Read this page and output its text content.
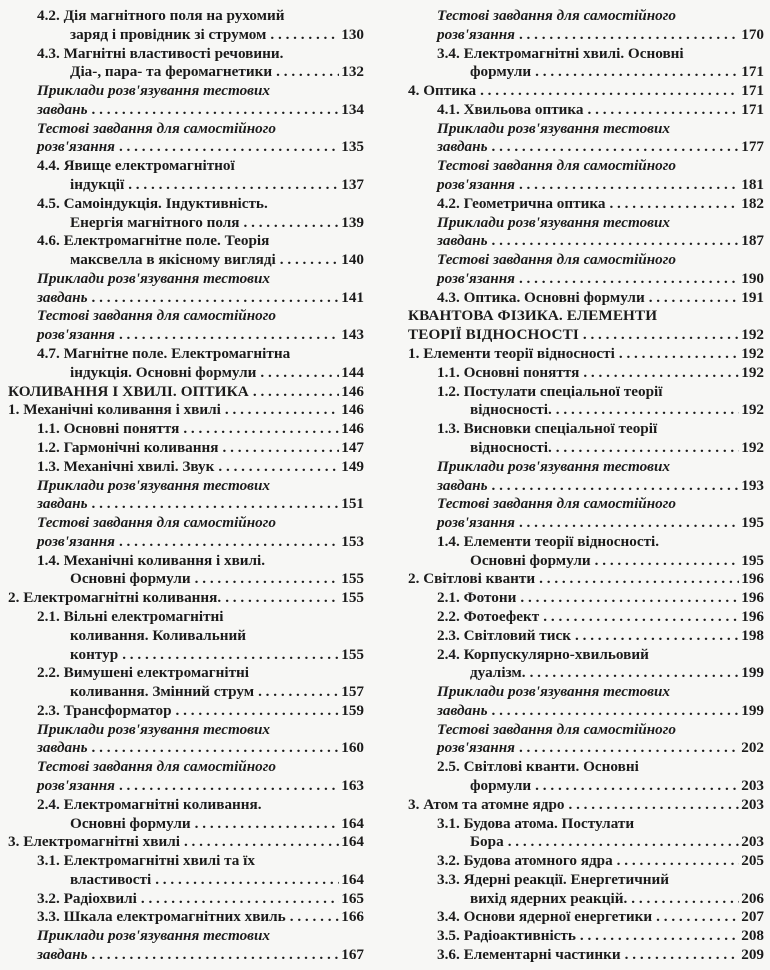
4.2. Дія магнітного поля на рухомий
заряд і провідник зі струмом . . .	130
4.3. Магнітні властивості речовини.
Діа-, пара- та феромагнетики . . .	132
Приклади розв'язування тестових
завдань . . .	134
Тестові завдання для самостійного
розв'язання . . .	135
4.4. Явище електромагнітної
індукції . . .	137
4.5. Самоіндукція. Індуктивність.
Енергія магнітного поля . . .	139
4.6. Електромагнітне поле. Теорія
максвелла в якісному вигляді . . .	140
Приклади розв'язування тестових
завдань . . .	141
Тестові завдання для самостійного
розв'язання . . .	143
4.7. Магнітне поле. Електромагнітна
індукція. Основні формули . . .	144
КОЛИВАННЯ І ХВИЛІ. ОПТИКА . . .	146
1. Механічні коливання і хвилі . . .	146
1.1. Основні поняття . . .	146
1.2. Гармонічні коливання . . .	147
1.3. Механічні хвилі. Звук . . .	149
Приклади розв'язування тестових
завдань . . .	151
Тестові завдання для самостійного
розв'язання . . .	153
1.4. Механічні коливання і хвилі.
Основні формули . . .	155
2. Електромагнітні коливання. . . .	155
2.1. Вільні електромагнітні
коливання. Коливальний
контур . . .	155
2.2. Вимушені електромагнітні
коливання. Змінний струм . . .	157
2.3. Трансформатор . . .	159
Приклади розв'язування тестових
завдань . . .	160
Тестові завдання для самостійного
розв'язання . . .	163
2.4. Електромагнітні коливання.
Основні формули . . .	164
3. Електромагнітні хвилі . . .	164
3.1. Електромагнітні хвилі та їх
властивості . . .	164
3.2. Радіохвилі . . .	165
3.3. Шкала електромагнітних хвиль . . .	166
Приклади розв'язування тестових
завдань . . .	167
Тестові завдання для самостійного
розв'язання . . .	170
3.4. Електромагнітні хвилі. Основні
формули . . .	171
4. Оптика . . .	171
4.1. Хвильова оптика . . .	171
Приклади розв'язування тестових
завдань . . .	177
Тестові завдання для самостійного
розв'язання . . .	181
4.2. Геометрична оптика . . .	182
Приклади розв'язування тестових
завдань . . .	187
Тестові завдання для самостійного
розв'язання . . .	190
4.3. Оптика. Основні формули . . .	191
КВАНТОВА ФІЗИКА. ЕЛЕМЕНТИ
ТЕОРІЇ ВІДНОСНОСТІ . . .	192
1. Елементи теорії відносності . . .	192
1.1. Основні поняття . . .	192
1.2. Постулати спеціальної теорії
відносності. . . .	192
1.3. Висновки спеціальної теорії
відносності. . . .	192
Приклади розв'язування тестових
завдань . . .	193
Тестові завдання для самостійного
розв'язання . . .	195
1.4. Елементи теорії відносності.
Основні формули . . .	195
2. Світлові кванти . . .	196
2.1. Фотони . . .	196
2.2. Фотоефект . . .	196
2.3. Світловий тиск . . .	198
2.4. Корпускулярно-хвильовий
дуалізм. . . .	199
Приклади розв'язування тестових
завдань . . .	199
Тестові завдання для самостійного
розв'язання . . .	202
2.5. Світлові кванти. Основні
формули . . .	203
3. Атом та атомне ядро . . .	203
3.1. Будова атома. Постулати
Бора . . .	203
3.2. Будова атомного ядра . . .	205
3.3. Ядерні реакції. Енергетичний
вихід ядерних реакцій. . . .	206
3.4. Основи ядерної енергетики . . .	207
3.5. Радіоактивність . . .	208
3.6. Елементарні частинки . . .	209
